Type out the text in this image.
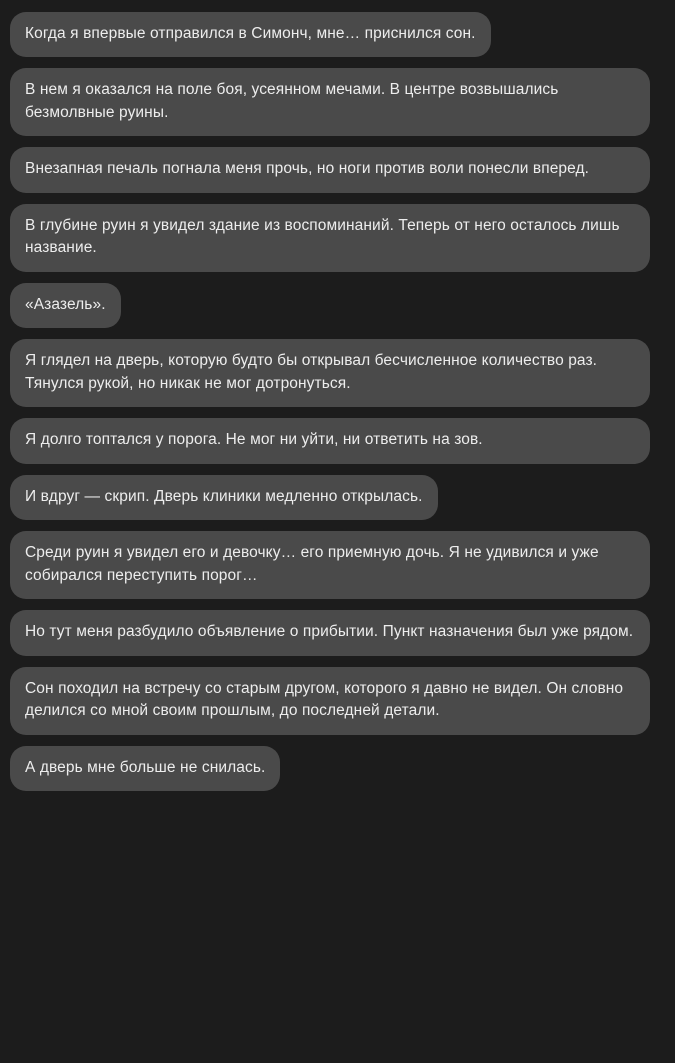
Когда я впервые отправился в Симонч, мне… приснился сон.
В нем я оказался на поле боя, усеянном мечами. В центре возвышались безмолвные руины.
Внезапная печаль погнала меня прочь, но ноги против воли понесли вперед.
В глубине руин я увидел здание из воспоминаний. Теперь от него осталось лишь название.
«Азазель».
Я глядел на дверь, которую будто бы открывал бесчисленное количество раз. Тянулся рукой, но никак не мог дотронуться.
Я долго топтался у порога. Не мог ни уйти, ни ответить на зов.
И вдруг — скрип. Дверь клиники медленно открылась.
Среди руин я увидел его и девочку… его приемную дочь. Я не удивился и уже собирался переступить порог…
Но тут меня разбудило объявление о прибытии. Пункт назначения был уже рядом.
Сон походил на встречу со старым другом, которого я давно не видел. Он словно делился со мной своим прошлым, до последней детали.
А дверь мне больше не снилась.
